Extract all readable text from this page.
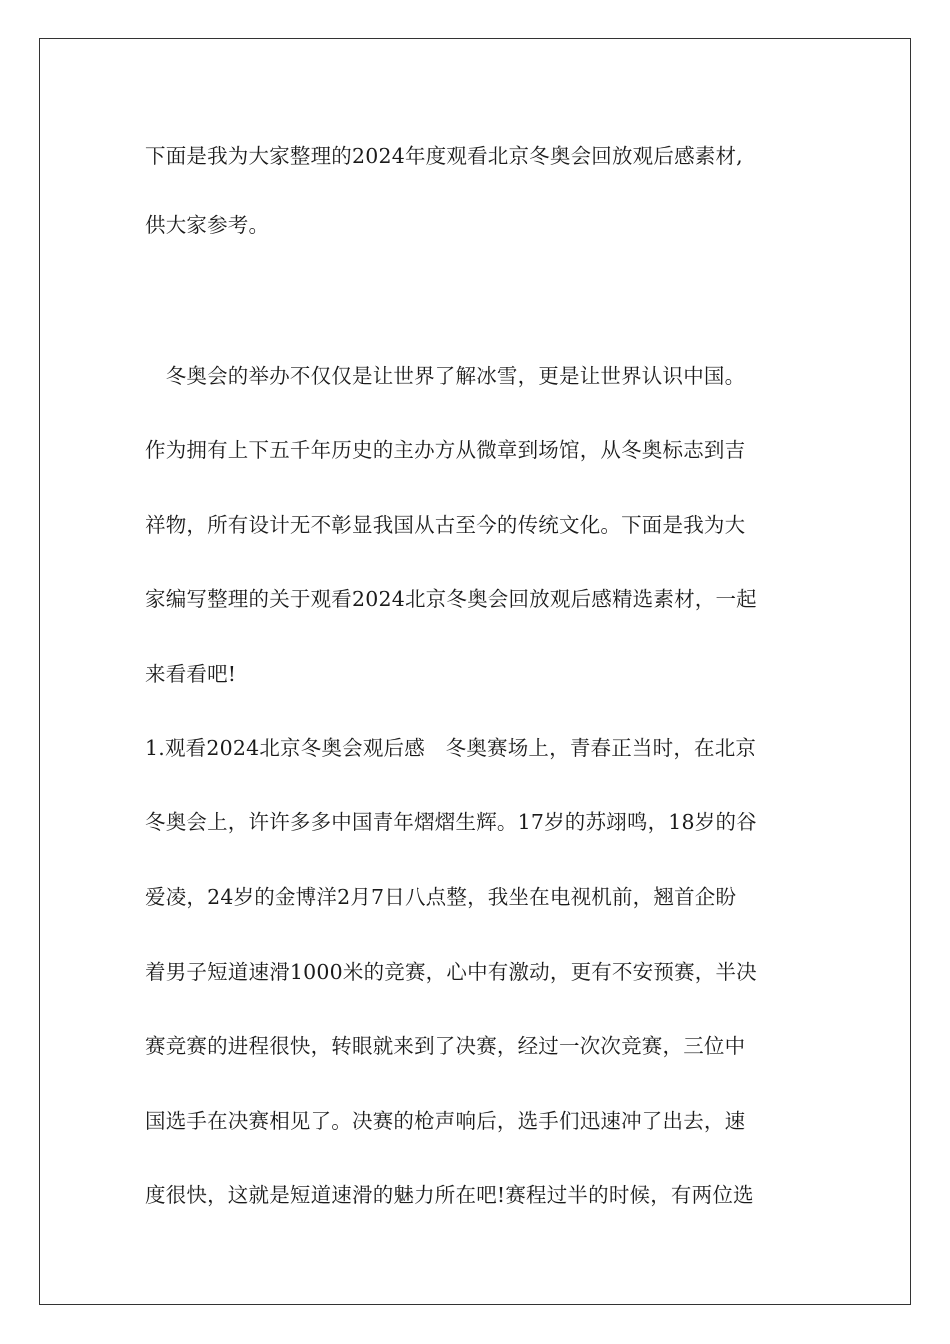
下面是我为大家整理的2024年度观看北京冬奥会回放观后感素材,
供大家参考。
　冬奥会的举办不仅仅是让世界了解冰雪，更是让世界认识中国。
作为拥有上下五千年历史的主办方从微章到场馆，从冬奥标志到吉
祥物，所有设计无不彰显我国从古至今的传统文化。下面是我为大
家编写整理的关于观看2024北京冬奥会回放观后感精选素材，一起
来看看吧!
1.观看2024北京冬奥会观后感　冬奥赛场上，青春正当时，在北京
冬奥会上，许许多多中国青年熠熠生辉。17岁的苏翊鸣，18岁的谷
爱凌，24岁的金博洋2月7日八点整，我坐在电视机前，翘首企盼
着男子短道速滑1000米的竞赛，心中有激动，更有不安预赛，半决
赛竞赛的进程很快，转眼就来到了决赛，经过一次次竞赛，三位中
国选手在决赛相见了。决赛的枪声响后，选手们迅速冲了出去，速
度很快，这就是短道速滑的魅力所在吧!赛程过半的时候，有两位选
